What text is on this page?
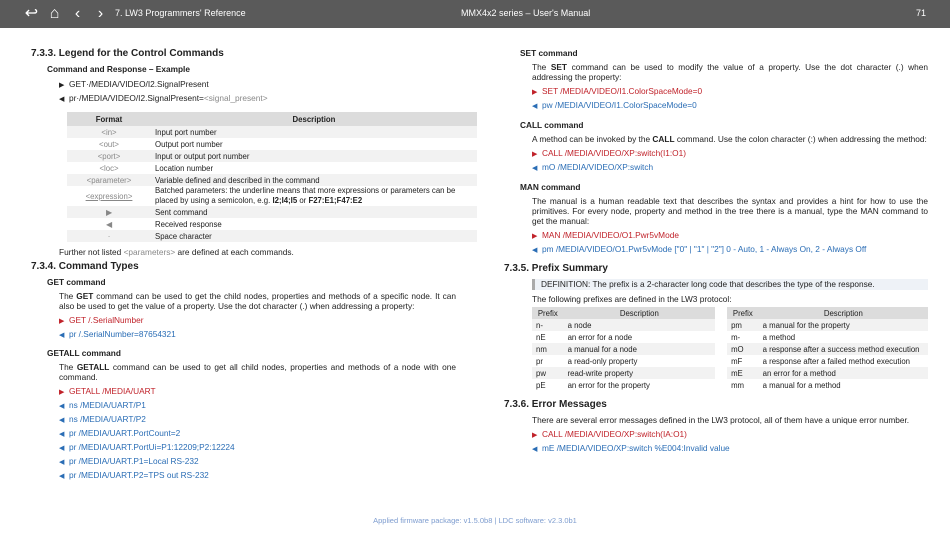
↩ ⌂ ‹	›	7. LW3 Programmers' Reference	MMX4x2 series – User's Manual	71
7.3.3. Legend for the Control Commands
Command and Response – Example
▶ GET·/MEDIA/VIDEO/I2.SignalPresent
◀ pr·/MEDIA/VIDEO/I2.SignalPresent=<signal_present>
Format	Description
<in>	Input port number
<out>	Output port number
<port>	Input or output port number
<loc>	Location number
<parameter>	Variable defined and described in the command
<expression>	Batched parameters: the underline means that more expressions or parameters can be placed by using a semicolon, e.g. I2;I4;I5 or F27:E1;F47:E2
▶	Sent command
◀	Received response
·	Space character

Further not listed <parameters> are defined at each commands.

7.3.4. Command Types
GET command

The GET command can be used to get the child nodes, properties and methods of a specific node. It can also be used to get the value of a property. Use the dot character (.) when addressing a property:

▶ GET /.SerialNumber
◀ pr /.SerialNumber=87654321
GETALL command

The GETALL command can be used to get all child nodes, properties and methods of a node with one command.

▶ GETALL /MEDIA/UART
◀ ns /MEDIA/UART/P1
◀ ns /MEDIA/UART/P2
◀ pr /MEDIA/UART.PortCount=2
◀ pr /MEDIA/UART.PortUi=P1:12209;P2:12224
◀ pr /MEDIA/UART.P1=Local RS-232
◀ pr /MEDIA/UART.P2=TPS out RS-232
SET command

The SET command can be used to modify the value of a property. Use the dot character (.) when addressing the property:

▶ SET /MEDIA/VIDEO/I1.ColorSpaceMode=0
◀ pw /MEDIA/VIDEO/I1.ColorSpaceMode=0
CALL command

A method can be invoked by the CALL command. Use the colon character (:) when addressing the method:

▶ CALL /MEDIA/VIDEO/XP:switch(I1:O1)
◀ mO /MEDIA/VIDEO/XP:switch
MAN command

The manual is a human readable text that describes the syntax and provides a hint for how to use the primitives. For every node, property and method in the tree there is a manual, type the MAN command to get the manual:

▶ MAN /MEDIA/VIDEO/O1.Pwr5vMode
◀ pm /MEDIA/VIDEO/O1.Pwr5vMode ["0" | "1" | "2"] 0 - Auto, 1 - Always On, 2 - Always Off
7.3.5. Prefix Summary
DEFINITION: The prefix is a 2-character long code that describes the type of the response.

The following prefixes are defined in the LW3 protocol:

Prefix	Description		Prefix	Description
n-	a node		pm	a manual for the property
nE	an error for a node		m-	a method
nm	a manual for a node		mO	a response after a success method execution
pr	a read-only property		mF	a response after a failed method execution
pw	read-write property		mE	an error for a method
pE	an error for the property		mm	a manual for a method
7.3.6. Error Messages

There are several error messages defined in the LW3 protocol, all of them have a unique error number.

▶ CALL /MEDIA/VIDEO/XP:switch(IA:O1)
◀ mE /MEDIA/VIDEO/XP:switch %E004:Invalid value
Applied firmware package: v1.5.0b8 | LDC software: v2.3.0b1
